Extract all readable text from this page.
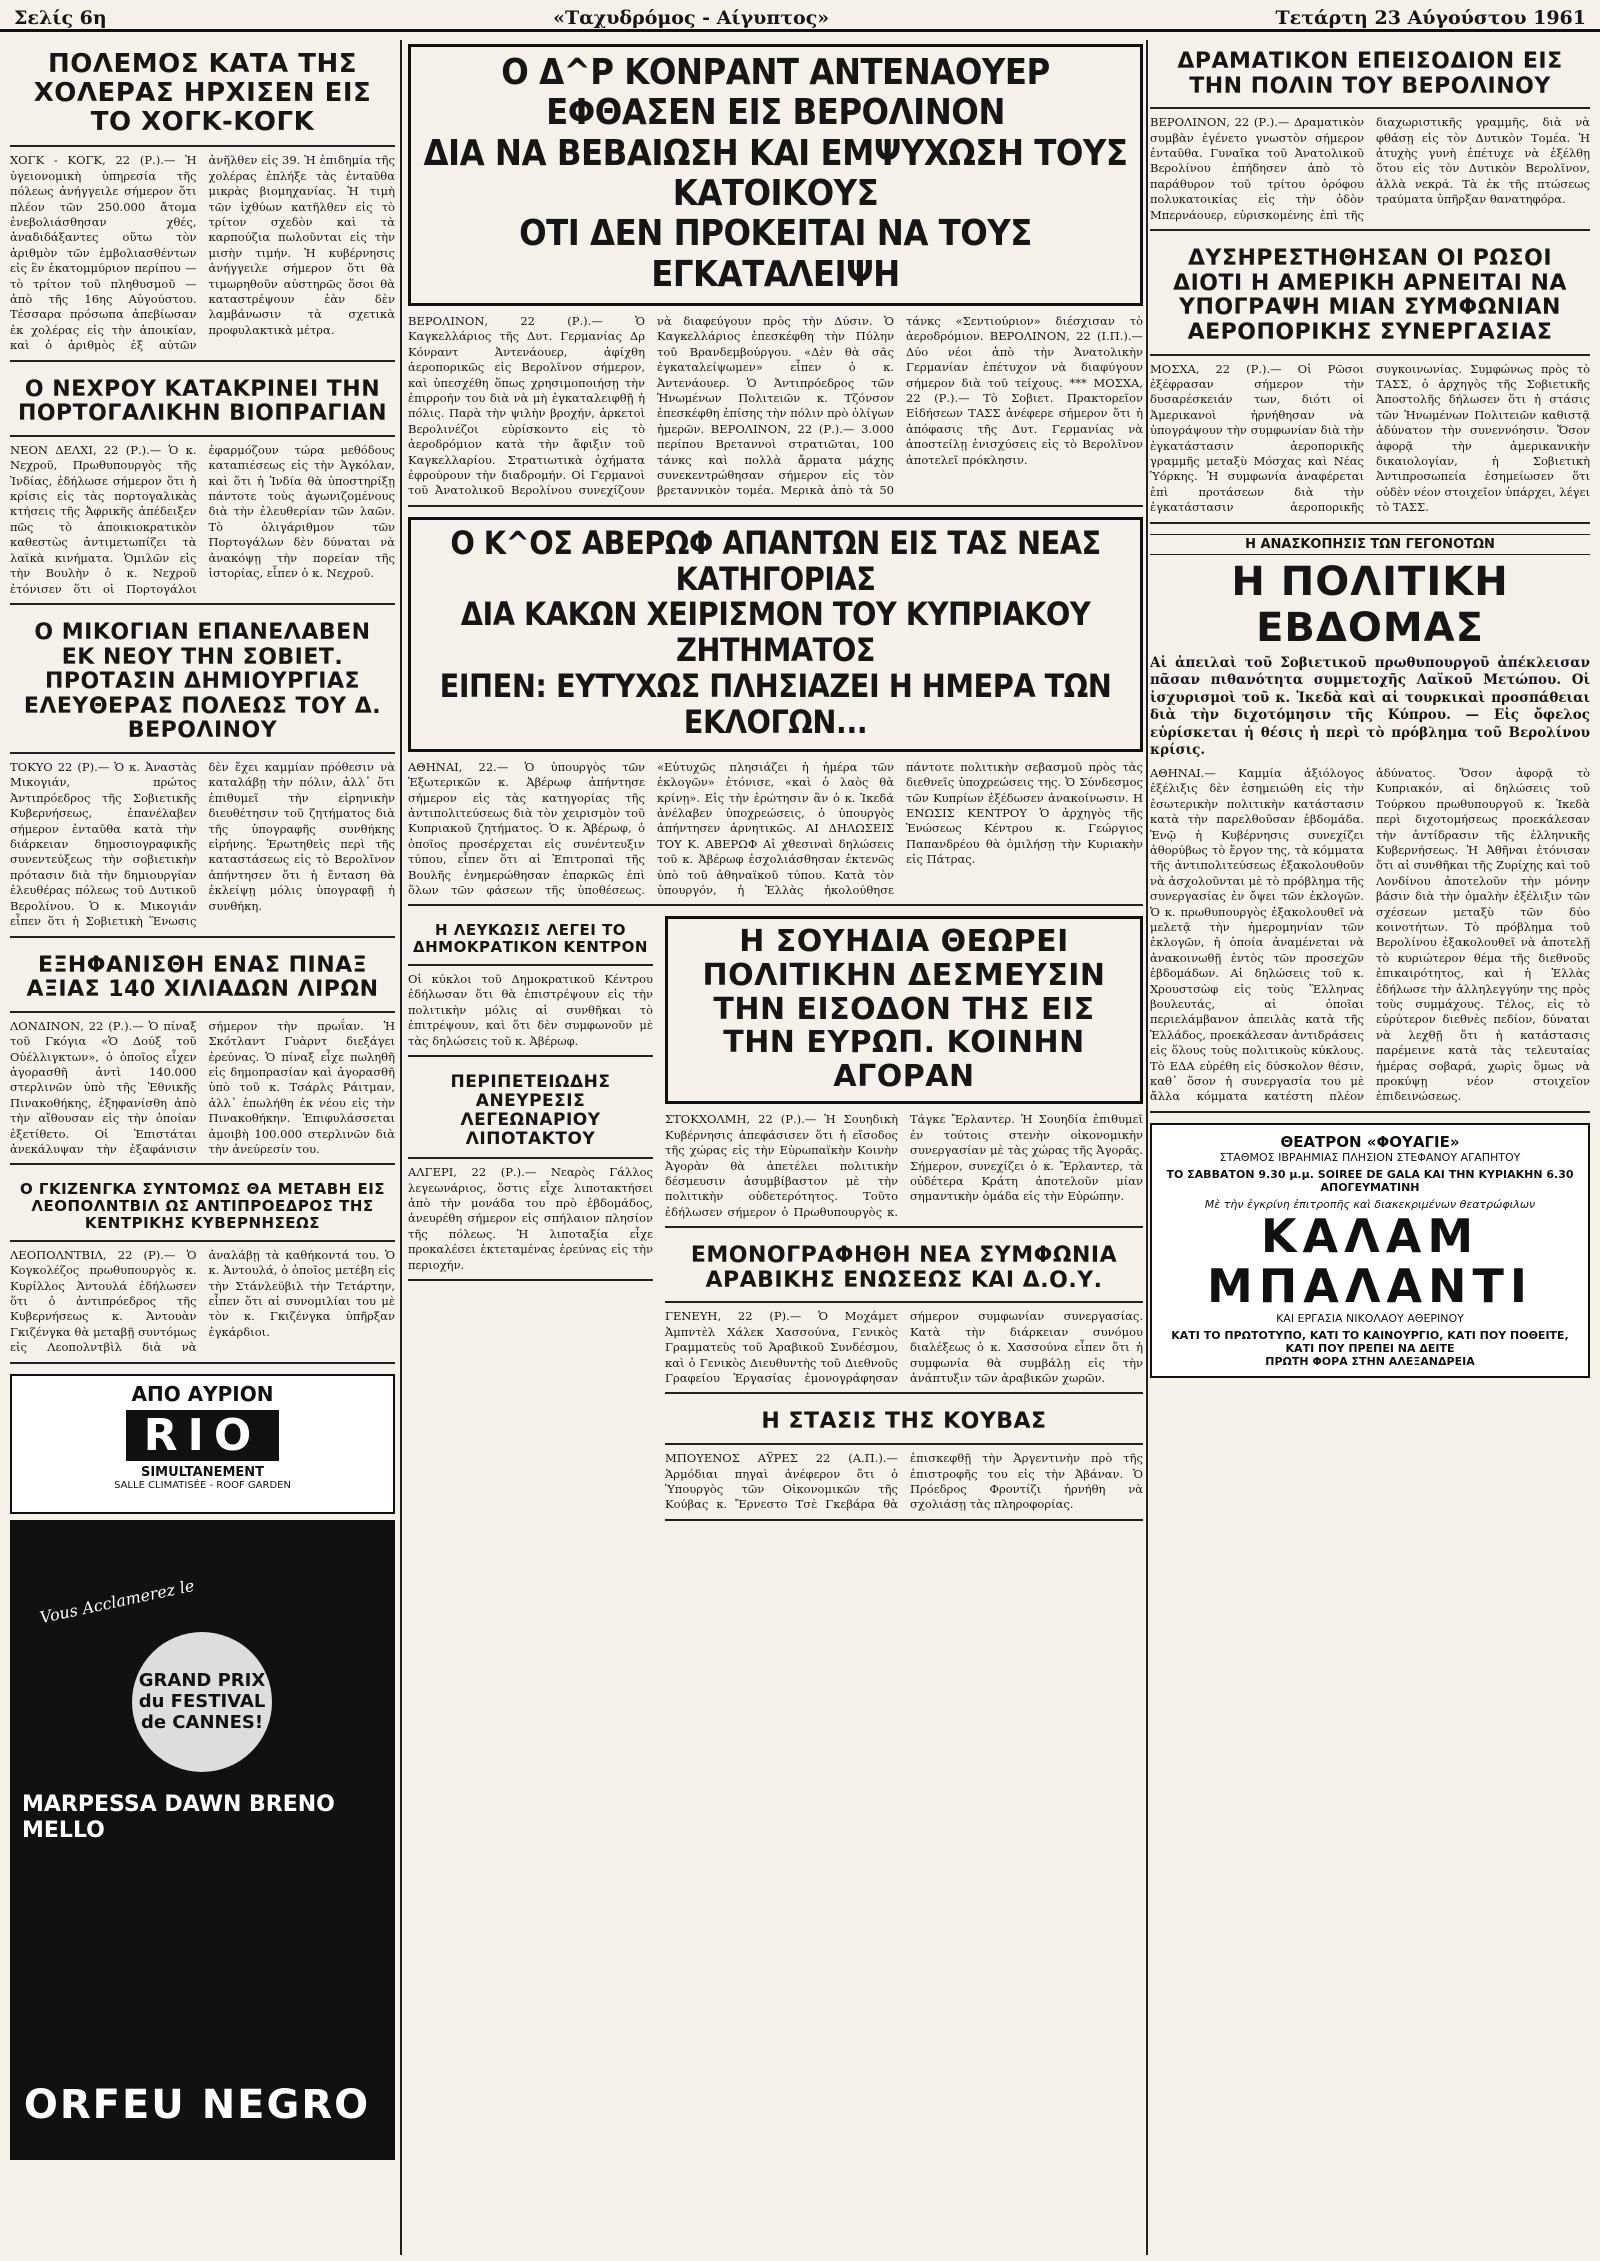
Σελίς 6η	«Ταχυδρόμος - Αίγυπτος»	Τετάρτη 23 Αύγούστου 1961
ΠΟΛΕΜΟΣ ΚΑΤΑ ΤΗΣ ΧΟΛΕΡΑΣ ΗΡΧΙΣΕΝ ΕΙΣ ΤΟ ΧΟΓΚ-ΚΟΓΚ

ΧΟΓΚ - ΚΟΓΚ, 22 (Ρ.).— Ἡ ὑγειονομικὴ ὑπηρεσία τῆς πόλεως ἀνήγγειλε σήμερον ὅτι πλέον τῶν 250.000 ἄτομα ἐνεβολιάσθησαν χθές, ἀναδιδάξαντες οὕτω τὸν ἀριθμὸν τῶν ἐμβολιασθέντων εἰς ἓν ἑκατομμύριον περίπου — τὸ τρίτον τοῦ πληθυσμοῦ — ἀπὸ τῆς 16ης Αὐγούστου. Τέσσαρα πρόσωπα ἀπεβίωσαν ἐκ χολέρας εἰς τὴν ἀποικίαν, καὶ ὁ ἀριθμὸς ἐξ αὐτῶν ἀνῆλθεν εἰς 39. Ἡ ἐπιδημία τῆς χολέρας ἐπλήξε τὰς ἐνταῦθα μικρὰς βιομηχανίας. Ἡ τιμὴ τῶν ἰχθύων κατῆλθεν εἰς τὸ τρίτον σχεδὸν καὶ τὰ καρπούζια πωλοῦνται εἰς τὴν μισὴν τιμήν. Ἡ κυβέρνησις ἀνήγγειλε σήμερον ὅτι θὰ τιμωρηθοῦν αὐστηρῶς ὅσοι θὰ καταστρέψουν ἐὰν δὲν λαμβάνωσιν τὰ σχετικὰ προφυλακτικὰ μέτρα.

Ο ΝΕΧΡΟΥ ΚΑΤΑΚΡΙΝΕΙ ΤΗΝ ΠΟΡΤΟΓΑΛΙΚΗΝ ΒΙΟΠΡΑΓΙΑΝ

ΝΕΟΝ ΔΕΛΧΙ, 22 (Ρ.).— Ὁ κ. Νεχροῦ, Πρωθυπουργὸς τῆς Ἰνδίας, ἐδήλωσε σήμερον ὅτι ἡ κρίσις εἰς τὰς πορτογαλικὰς κτήσεις τῆς Ἀφρικῆς ἀπέδειξεν πῶς τὸ ἀποικιοκρατικὸν καθεστὼς ἀντιμετωπίζει τὰ λαϊκὰ κινήματα. Ὁμιλῶν εἰς τὴν Βουλὴν ὁ κ. Νεχροῦ ἐτόνισεν ὅτι οἱ Πορτογάλοι ἐφαρμόζουν τώρα μεθόδους καταπιέσεως εἰς τὴν Ἀγκόλαν, καὶ ὅτι ἡ Ἰνδία θὰ ὑποστηρίξῃ πάντοτε τοὺς ἀγωνιζομένους διὰ τὴν ἐλευθερίαν τῶν λαῶν. Τὸ ὀλιγάριθμον τῶν Πορτογάλων δὲν δύναται νὰ ἀνακόψῃ τὴν πορείαν τῆς ἱστορίας, εἶπεν ὁ κ. Νεχροῦ.

Ο ΜΙΚΟΓΙΑΝ ΕΠΑΝΕΛΑΒΕΝ ΕΚ ΝΕΟΥ ΤΗΝ ΣΟΒΙΕΤ. ΠΡΟΤΑΣΙΝ ΔΗΜΙΟΥΡΓΙΑΣ ΕΛΕΥΘΕΡΑΣ ΠΟΛΕΩΣ ΤΟΥ Δ. ΒΕΡΟΛΙΝΟΥ

ΤΟΚΥΟ 22 (Ρ).— Ὁ κ. Ἀναστὰς Μικογιάν, πρώτος Ἀντιπρόεδρος τῆς Σοβιετικῆς Κυβερνήσεως, ἐπανέλαβεν σήμερον ἐνταῦθα κατὰ τὴν διάρκειαν δημοσιογραφικῆς συνεντεύξεως τὴν σοβιετικὴν πρότασιν διὰ τὴν δημιουργίαν ἐλευθέρας πόλεως τοῦ Δυτικοῦ Βερολίνου. Ὁ κ. Μικογιάν εἶπεν ὅτι ἡ Σοβιετικὴ Ἕνωσις δὲν ἔχει καμμίαν πρόθεσιν νὰ καταλάβῃ τὴν πόλιν, ἀλλ᾽ ὅτι ἐπιθυμεῖ τὴν εἰρηνικὴν διευθέτησιν τοῦ ζητήματος διὰ τῆς ὑπογραφῆς συνθήκης εἰρήνης. Ἐρωτηθεὶς περὶ τῆς καταστάσεως εἰς τὸ Βερολῖνον ἀπήντησεν ὅτι ἡ ἔνταση θὰ ἐκλείψῃ μόλις ὑπογραφῇ ἡ συνθήκη.

ΕΞΗΦΑΝΙΣΘΗ ΕΝΑΣ ΠΙΝΑΞ ΑΞΙΑΣ 140 ΧΙΛΙΑΔΩΝ ΛΙΡΩΝ

ΛΟΝΔΙΝΟΝ, 22 (Ρ.).— Ὁ πίναξ τοῦ Γκόγια «Ὁ Δούξ τοῦ Οὐέλλιγκτων», ὁ ὁποῖος εἶχεν ἀγορασθῆ ἀντὶ 140.000 στερλινῶν ὑπὸ τῆς Ἐθνικῆς Πινακοθήκης, ἐξηφανίσθη ἀπὸ τὴν αἴθουσαν εἰς τὴν ὁποίαν ἐξετίθετο. Οἱ Ἐπιστάται ἀνεκάλυψαν τὴν ἐξαφάνισιν σήμερον τὴν πρωΐαν. Ἡ Σκότλαντ Γυὰρντ διεξάγει ἐρεύνας. Ὁ πίναξ εἶχε πωληθῆ εἰς δημοπρασίαν καὶ ἀγορασθῆ ὑπὸ τοῦ κ. Τσάρλς Ράιτμαν, ἀλλ᾽ ἐπωλήθη ἐκ νέου εἰς τὴν Πινακοθήκην. Ἐπιφυλάσσεται ἀμοιβὴ 100.000 στερλινῶν διὰ τὴν ἀνεύρεσίν του.

Ο ΓΚΙΖΕΝΓΚΑ ΣΥΝΤΟΜΩΣ ΘΑ ΜΕΤΑΒΗ ΕΙΣ ΛΕΟΠΟΛΝΤΒΙΛ ΩΣ ΑΝΤΙΠΡΟΕΔΡΟΣ ΤΗΣ ΚΕΝΤΡΙΚΗΣ ΚΥΒΕΡΝΗΣΕΩΣ

ΛΕΟΠΟΛΝΤΒΙΛ, 22 (Ρ).— Ὁ Κογκολέζος πρωθυπουργὸς κ. Κυρίλλος Ἀντουλά ἐδήλωσεν ὅτι ὁ ἀντιπρόεδρος τῆς Κυβερνήσεως κ. Ἀντουὰν Γκιζένγκα θὰ μεταβῇ συντόμως εἰς Λεοπολντβὶλ διὰ νὰ ἀναλάβῃ τὰ καθήκοντά του. Ὁ κ. Ἀντουλά, ὁ ὁποῖος μετέβη εἰς τὴν Στάνλεϋβιλ τὴν Τετάρτην, εἶπεν ὅτι αἱ συνομιλίαι του μὲ τὸν κ. Γκιζένγκα ὑπῆρξαν ἐγκάρδιοι.

ΑΠΟ ΑΥΡΙΟΝ
RIO
SIMULTANEMENT
SALLE CLIMATISÉE - ROOF GARDEN
Vous Acclamerez le
GRAND PRIX du FESTIVAL de CANNES!
MARPESSA DAWN BRENO MELLO
ORFEU NEGRO
Ο Δ^Ρ ΚΟΝΡΑΝΤ ΑΝΤΕΝΑΟΥΕΡ ΕΦΘΑΣΕΝ ΕΙΣ ΒΕΡΟΛΙΝΟΝ
ΔΙΑ ΝΑ ΒΕΒΑΙΩΣΗ ΚΑΙ ΕΜΨΥΧΩΣΗ ΤΟΥΣ ΚΑΤΟΙΚΟΥΣ
ΟΤΙ ΔΕΝ ΠΡΟΚΕΙΤΑΙ ΝΑ ΤΟΥΣ ΕΓΚΑΤΑΛΕΙΨΗ

ΒΕΡΟΛΙΝΟΝ, 22 (Ρ.).— Ὁ Καγκελλάριος τῆς Δυτ. Γερμανίας Δρ Κόνραντ Ἀντενάουερ, ἀφίχθη ἀεροπορικῶς εἰς Βερολῖνον σήμερον, καὶ ὑπεσχέθη ὅπως χρησιμοποιήσῃ τὴν ἐπιρροήν του διὰ νὰ μὴ ἐγκαταλειφθῇ ἡ πόλις. Παρὰ τὴν ψιλὴν βροχήν, ἀρκετοὶ Βερολινέζοι εὑρίσκοντο εἰς τὸ ἀεροδρόμιον κατὰ τὴν ἄφιξιν τοῦ Καγκελλαρίου. Στρατιωτικὰ ὀχήματα ἐφρούρουν τὴν διαδρομήν. Οἱ Γερμανοὶ τοῦ Ἀνατολικοῦ Βερολίνου συνεχίζουν νὰ διαφεύγουν πρὸς τὴν Δύσιν. Ὁ Καγκελλάριος ἐπεσκέφθη τὴν Πύλην τοῦ Βρανδεμβούργου. «Δὲν θὰ σᾶς ἐγκαταλείψωμεν» εἶπεν ὁ κ. Ἀντενάουερ. Ὁ Ἀντιπρόεδρος τῶν Ἡνωμένων Πολιτειῶν κ. Τζόνσον ἐπεσκέφθη ἐπίσης τὴν πόλιν πρὸ ὀλίγων ἡμερῶν. ΒΕΡΟΛΙΝΟΝ, 22 (Ρ.).— 3.000 περίπου Βρεταννοὶ στρατιῶται, 100 τάνκς καὶ πολλὰ ἄρματα μάχης συνεκεντρώθησαν σήμερον εἰς τὸν βρεταννικὸν τομέα. Μερικὰ ἀπὸ τὰ 50 τάνκς «Σεντιούριον» διέσχισαν τὸ ἀεροδρόμιον. ΒΕΡΟΛΙΝΟΝ, 22 (Ι.Π.).— Δύο νέοι ἀπὸ τὴν Ἀνατολικὴν Γερμανίαν ἐπέτυχον νὰ διαφύγουν σήμερον διὰ τοῦ τείχους. *** ΜΟΣΧΑ, 22 (Ρ.).— Τὸ Σοβιετ. Πρακτορεῖον Εἰδήσεων ΤΑΣΣ ἀνέφερε σήμερον ὅτι ἡ ἀπόφασις τῆς Δυτ. Γερμανίας νὰ ἀποστείλῃ ἐνισχύσεις εἰς τὸ Βερολῖνον ἀποτελεῖ πρόκλησιν.

Ο Κ^ΟΣ ΑΒΕΡΩΦ ΑΠΑΝΤΩΝ ΕΙΣ ΤΑΣ ΝΕΑΣ ΚΑΤΗΓΟΡΙΑΣ
ΔΙΑ ΚΑΚΩΝ ΧΕΙΡΙΣΜΟΝ ΤΟΥ ΚΥΠΡΙΑΚΟΥ ΖΗΤΗΜΑΤΟΣ
ΕΙΠΕΝ: ΕΥΤΥΧΩΣ ΠΛΗΣΙΑΖΕΙ Η ΗΜΕΡΑ ΤΩΝ ΕΚΛΟΓΩΝ...

ΑΘΗΝΑΙ, 22.— Ὁ ὑπουργὸς τῶν Ἐξωτερικῶν κ. Ἀβέρωφ ἀπήντησε σήμερον εἰς τὰς κατηγορίας τῆς ἀντιπολιτεύσεως διὰ τὸν χειρισμὸν τοῦ Κυπριακοῦ ζητήματος. Ὁ κ. Ἀβέρωφ, ὁ ὁποῖος προσέρχεται εἰς συνέντευξιν τύπου, εἶπεν ὅτι αἱ Ἐπιτροπαὶ τῆς Βουλῆς ἐνημερώθησαν ἐπαρκῶς ἐπὶ ὅλων τῶν φάσεων τῆς ὑποθέσεως. «Εὐτυχῶς πλησιάζει ἡ ἡμέρα τῶν ἐκλογῶν» ἐτόνισε, «καὶ ὁ λαὸς θὰ κρίνῃ». Εἰς τὴν ἐρώτησιν ἂν ὁ κ. Ἰκεδά ἀνέλαβεν ὑποχρεώσεις, ὁ ὑπουργὸς ἀπήντησεν ἀρνητικῶς. ΑΙ ΔΗΛΩΣΕΙΣ ΤΟΥ Κ. ΑΒΕΡΩΦ Αἱ χθεσιναὶ δηλώσεις τοῦ κ. Ἀβέρωφ ἐσχολιάσθησαν ἐκτενῶς ὑπὸ τοῦ ἀθηναϊκοῦ τύπου. Κατὰ τὸν ὑπουργόν, ἡ Ἑλλὰς ἠκολούθησε πάντοτε πολιτικὴν σεβασμοῦ πρὸς τὰς διεθνεῖς ὑποχρεώσεις της. Ὁ Σύνδεσμος τῶν Κυπρίων ἐξέδωσεν ἀνακοίνωσιν. Η ΕΝΩΣΙΣ ΚΕΝΤΡΟΥ Ὁ ἀρχηγὸς τῆς Ἑνώσεως Κέντρου κ. Γεώργιος Παπανδρέου θὰ ὁμιλήσῃ τὴν Κυριακὴν εἰς Πάτρας.

Η ΛΕΥΚΩΣΙΣ ΛΕΓΕΙ ΤΟ ΔΗΜΟΚΡΑΤΙΚΟΝ ΚΕΝΤΡΟΝ

Οἱ κύκλοι τοῦ Δημοκρατικοῦ Κέντρου ἐδήλωσαν ὅτι θὰ ἐπιστρέψουν εἰς τὴν πολιτικὴν μόλις αἱ συνθῆκαι τὸ ἐπιτρέψουν, καὶ ὅτι δὲν συμφωνοῦν μὲ τὰς δηλώσεις τοῦ κ. Ἀβέρωφ.

ΠΕΡΙΠΕΤΕΙΩΔΗΣ ΑΝΕΥΡΕΣΙΣ ΛΕΓΕΩΝΑΡΙΟΥ ΛΙΠΟΤΑΚΤΟΥ

ΑΛΓΕΡΙ, 22 (Ρ.).— Νεαρὸς Γάλλος λεγεωνάριος, ὅστις εἶχε λιποτακτήσει ἀπὸ τὴν μονάδα του πρὸ ἑβδομάδος, ἀνευρέθη σήμερον εἰς σπήλαιον πλησίον τῆς πόλεως. Ἡ λιποταξία εἶχε προκαλέσει ἐκτεταμένας ἐρεύνας εἰς τὴν περιοχήν.

Η ΣΟΥΗΔΙΑ ΘΕΩΡΕΙ ΠΟΛΙΤΙΚΗΝ ΔΕΣΜΕΥΣΙΝ ΤΗΝ ΕΙΣΟΔΟΝ ΤΗΣ ΕΙΣ ΤΗΝ ΕΥΡΩΠ. ΚΟΙΝΗΝ ΑΓΟΡΑΝ

ΣΤΟΚΧΟΛΜΗ, 22 (Ρ.).— Ἡ Σουηδικὴ Κυβέρνησις ἀπεφάσισεν ὅτι ἡ εἴσοδος τῆς χώρας εἰς τὴν Εὐρωπαϊκὴν Κοινὴν Ἀγορὰν θὰ ἀπετέλει πολιτικὴν δέσμευσιν ἀσυμβίβαστον μὲ τὴν πολιτικὴν οὐδετερότητος. Τοῦτο ἐδήλωσεν σήμερον ὁ Πρωθυπουργὸς κ. Τάγκε Ἔρλαντερ. Ἡ Σουηδία ἐπιθυμεῖ ἐν τούτοις στενὴν οἰκονομικὴν συνεργασίαν μὲ τὰς χώρας τῆς Ἀγορᾶς. Σήμερον, συνεχίζει ὁ κ. Ἔρλαντερ, τὰ οὐδέτερα Κράτη ἀποτελοῦν μίαν σημαντικὴν ὁμάδα εἰς τὴν Εὐρώπην.

ΕΜΟΝΟΓΡΑΦΗΘΗ ΝΕΑ ΣΥΜΦΩΝΙΑ ΑΡΑΒΙΚΗΣ ΕΝΩΣΕΩΣ ΚΑΙ Δ.Ο.Υ.

ΓΕΝΕΥΗ, 22 (Ρ).— Ὁ Μοχάμετ Ἀμπντὲλ Χάλεκ Χασσούνα, Γενικὸς Γραμματεὺς τοῦ Ἀραβικοῦ Συνδέσμου, καὶ ὁ Γενικὸς Διευθυντὴς τοῦ Διεθνοῦς Γραφείου Ἐργασίας ἐμονογράφησαν σήμερον συμφωνίαν συνεργασίας. Κατὰ τὴν διάρκειαν συνόμου διαλέξεως ὁ κ. Χασσούνα εἶπεν ὅτι ἡ συμφωνία θὰ συμβάλῃ εἰς τὴν ἀνάπτυξιν τῶν ἀραβικῶν χωρῶν.

Η ΣΤΑΣΙΣ ΤΗΣ ΚΟΥΒΑΣ

ΜΠΟΥΕΝΟΣ ΑΫΡΕΣ 22 (Α.Π.).— Ἁρμόδιαι πηγαὶ ἀνέφερον ὅτι ὁ Ὑπουργὸς τῶν Οἰκονομικῶν τῆς Κούβας κ. Ἔρνεστο Τσὲ Γκεβάρα θὰ ἐπισκεφθῇ τὴν Ἀργεντινὴν πρὸ τῆς ἐπιστροφῆς του εἰς τὴν Ἀβάναν. Ὁ Πρόεδρος Φροντίζι ἠρνήθη νὰ σχολιάσῃ τὰς πληροφορίας.

ΔΡΑΜΑΤΙΚΟΝ ΕΠΕΙΣΟΔΙΟΝ ΕΙΣ ΤΗΝ ΠΟΛΙΝ ΤΟΥ ΒΕΡΟΛΙΝΟΥ

ΒΕΡΟΛΙΝΟΝ, 22 (Ρ.).— Δραματικὸν συμβὰν ἐγένετο γνωστὸν σήμερον ἐνταῦθα. Γυναῖκα τοῦ Ἀνατολικοῦ Βερολίνου ἐπήδησεν ἀπὸ τὸ παράθυρον τοῦ τρίτου ὀρόφου πολυκατοικίας εἰς τὴν ὁδὸν Μπερνάουερ, εὑρισκομένης ἐπὶ τῆς διαχωριστικῆς γραμμῆς, διὰ νὰ φθάσῃ εἰς τὸν Δυτικὸν Τομέα. Ἡ ἀτυχὴς γυνὴ ἐπέτυχε νὰ ἐξέλθῃ ὅτου εἰς τὸν Δυτικὸν Βερολῖνον, ἀλλὰ νεκρά. Τὰ ἐκ τῆς πτώσεως τραύματα ὑπῆρξαν θανατηφόρα.

ΔΥΣΗΡΕΣΤΗΘΗΣΑΝ ΟΙ ΡΩΣΟΙ ΔΙΟΤΙ Η ΑΜΕΡΙΚΗ ΑΡΝΕΙΤΑΙ ΝΑ ΥΠΟΓΡΑΨΗ ΜΙΑΝ ΣΥΜΦΩΝΙΑΝ ΑΕΡΟΠΟΡΙΚΗΣ ΣΥΝΕΡΓΑΣΙΑΣ

ΜΟΣΧΑ, 22 (Ρ.).— Οἱ Ρῶσοι ἐξέφρασαν σήμερον τὴν δυσαρέσκειάν των, διότι οἱ Ἀμερικανοὶ ἠρνήθησαν νὰ ὑπογράψουν τὴν συμφωνίαν διὰ τὴν ἐγκατάστασιν ἀεροπορικῆς γραμμῆς μεταξὺ Μόσχας καὶ Νέας Ὑόρκης. Ἡ συμφωνία ἀναφέρεται ἐπὶ προτάσεων διὰ τὴν ἐγκατάστασιν ἀεροπορικῆς συγκοινωνίας. Συμφώνως πρὸς τὸ ΤΑΣΣ, ὁ ἀρχηγὸς τῆς Σοβιετικῆς Ἀποστολῆς δήλωσεν ὅτι ἡ στάσις τῶν Ἡνωμένων Πολιτειῶν καθιστᾷ ἀδύνατον τὴν συνεννόησιν. Ὅσον ἀφορᾷ τὴν ἀμερικανικὴν δικαιολογίαν, ἡ Σοβιετικὴ Ἀντιπροσωπεία ἐσημείωσεν ὅτι οὐδὲν νέον στοιχεῖον ὑπάρχει, λέγει τὸ ΤΑΣΣ.

Η ΑΝΑΣΚΟΠΗΣΙΣ ΤΩΝ ΓΕΓΟΝΟΤΩΝ
Η ΠΟΛΙΤΙΚΗ ΕΒΔΟΜΑΣ

Αἱ ἀπειλαὶ τοῦ Σοβιετικοῦ πρωθυπουργοῦ ἀπέκλεισαν πᾶσαν πιθανότητα συμμετοχῆς Λαϊκοῦ Μετώπου. Οἱ ἰσχυρισμοὶ τοῦ κ. Ἰκεδὰ καὶ αἱ τουρκικαὶ προσπάθειαι διὰ τὴν διχοτόμησιν τῆς Κύπρου. — Εἰς ὄφελος εὑρίσκεται ἡ θέσις ἡ περὶ τὸ πρόβλημα τοῦ Βερολίνου κρίσις.

ΑΘΗΝΑΙ.— Καμμία ἀξιόλογος ἐξέλιξις δὲν ἐσημειώθη εἰς τὴν ἐσωτερικὴν πολιτικὴν κατάστασιν κατὰ τὴν παρελθοῦσαν ἑβδομάδα. Ἐνῷ ἡ Κυβέρνησις συνεχίζει ἀθορύβως τὸ ἔργον της, τὰ κόμματα τῆς ἀντιπολιτεύσεως ἐξακολουθοῦν νὰ ἀσχολοῦνται μὲ τὸ πρόβλημα τῆς συνεργασίας ἐν ὄψει τῶν ἐκλογῶν. Ὁ κ. πρωθυπουργὸς ἐξακολουθεῖ νὰ μελετᾷ τὴν ἡμερομηνίαν τῶν ἐκλογῶν, ἡ ὁποία ἀναμένεται νὰ ἀνακοινωθῇ ἐντὸς τῶν προσεχῶν ἑβδομάδων. Αἱ δηλώσεις τοῦ κ. Χρουστσὼφ εἰς τοὺς Ἕλληνας βουλευτάς, αἱ ὁποῖαι περιελάμβανον ἀπειλὰς κατὰ τῆς Ἑλλάδος, προεκάλεσαν ἀντιδράσεις εἰς ὅλους τοὺς πολιτικοὺς κύκλους. Τὸ ΕΔΑ εὑρέθη εἰς δύσκολον θέσιν, καθ᾽ ὅσον ἡ συνεργασία του μὲ ἄλλα κόμματα κατέστη πλέον ἀδύνατος. Ὅσον ἀφορᾷ τὸ Κυπριακόν, αἱ δηλώσεις τοῦ Τούρκου πρωθυπουργοῦ κ. Ἰκεδὰ περὶ διχοτομήσεως προεκάλεσαν τὴν ἀντίδρασιν τῆς ἑλληνικῆς Κυβερνήσεως. Ἡ Ἀθῆναι ἐτόνισαν ὅτι αἱ συνθῆκαι τῆς Ζυρίχης καὶ τοῦ Λονδίνου ἀποτελοῦν τὴν μόνην βάσιν διὰ τὴν ὁμαλὴν ἐξέλιξιν τῶν σχέσεων μεταξὺ τῶν δύο κοινοτήτων. Τὸ πρόβλημα τοῦ Βερολίνου ἐξακολουθεῖ νὰ ἀποτελῇ τὸ κυριώτερον θέμα τῆς διεθνοῦς ἐπικαιρότητος, καὶ ἡ Ἑλλὰς ἐδήλωσε τὴν ἀλληλεγγύην της πρὸς τοὺς συμμάχους. Τέλος, εἰς τὸ εὐρύτερον διεθνὲς πεδίον, δύναται νὰ λεχθῇ ὅτι ἡ κατάστασις παρέμεινε κατὰ τὰς τελευταίας ἡμέρας σοβαρά, χωρὶς ὅμως νὰ προκύψῃ νέον στοιχεῖον ἐπιδεινώσεως.

ΘΕΑΤΡΟΝ «ΦΟΥΑΓΙΕ»
ΣΤΑΘΜΟΣ ΙΒΡΑΗΜΙΑΣ ΠΛΗΣΙΟΝ ΣΤΕΦΑΝΟΥ ΑΓΑΠΗΤΟΥ
ΤΟ ΣΑΒΒΑΤΟΝ 9.30 μ.μ. SOIREE DE GALA ΚΑΙ ΤΗΝ ΚΥΡΙΑΚΗΝ 6.30 ΑΠΟΓΕΥΜΑΤΙΝΗ
Μὲ τὴν ἐγκρίνη ἐπιτροπῆς καὶ διακεκριμένων θεατρώφιλων
ΚΑΛΑΜ ΜΠΑΛΑΝΤΙ
ΚΑΙ ΕΡΓΑΣΙΑ ΝΙΚΟΛΑΟΥ ΑΘΕΡΙΝΟΥ
ΚΑΤΙ ΤΟ ΠΡΩΤΟΤΥΠΟ, ΚΑΤΙ ΤΟ ΚΑΙΝΟΥΡΓΙΟ, ΚΑΤΙ ΠΟΥ ΠΟΘΕΙΤΕ, ΚΑΤΙ ΠΟΥ ΠΡΕΠΕΙ ΝΑ ΔΕΙΤΕ
ΠΡΩΤΗ ΦΟΡΑ ΣΤΗΝ ΑΛΕΞΑΝΔΡΕΙΑ
